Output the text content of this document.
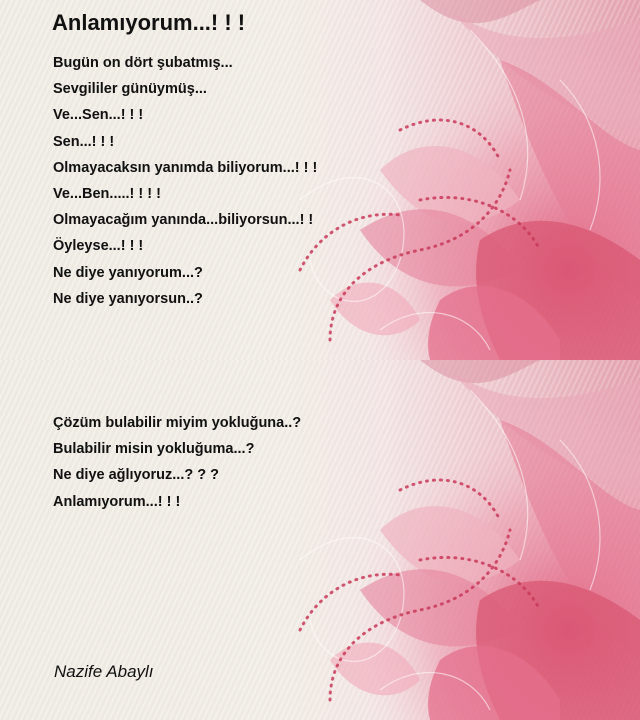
Anlamıyorum...! ! !
Bugün on dört şubatmış...
Sevgililer günüymüş...
Ve...Sen...! ! !
Sen...! ! !
Olmayacaksın yanımda biliyorum...! ! !
Ve...Ben.....! ! ! !
Olmayacağım yanında...biliyorsun...! !
Öyleyse...! ! !
Ne diye yanıyorum...?
Ne diye yanıyorsun..?
Çözüm bulabilir miyim yokluğuna..?
Bulabilir misin yokluğuma...?
Ne diye ağlıyoruz...? ? ?
Anlamıyorum...! ! !
Nazife Abaylı
